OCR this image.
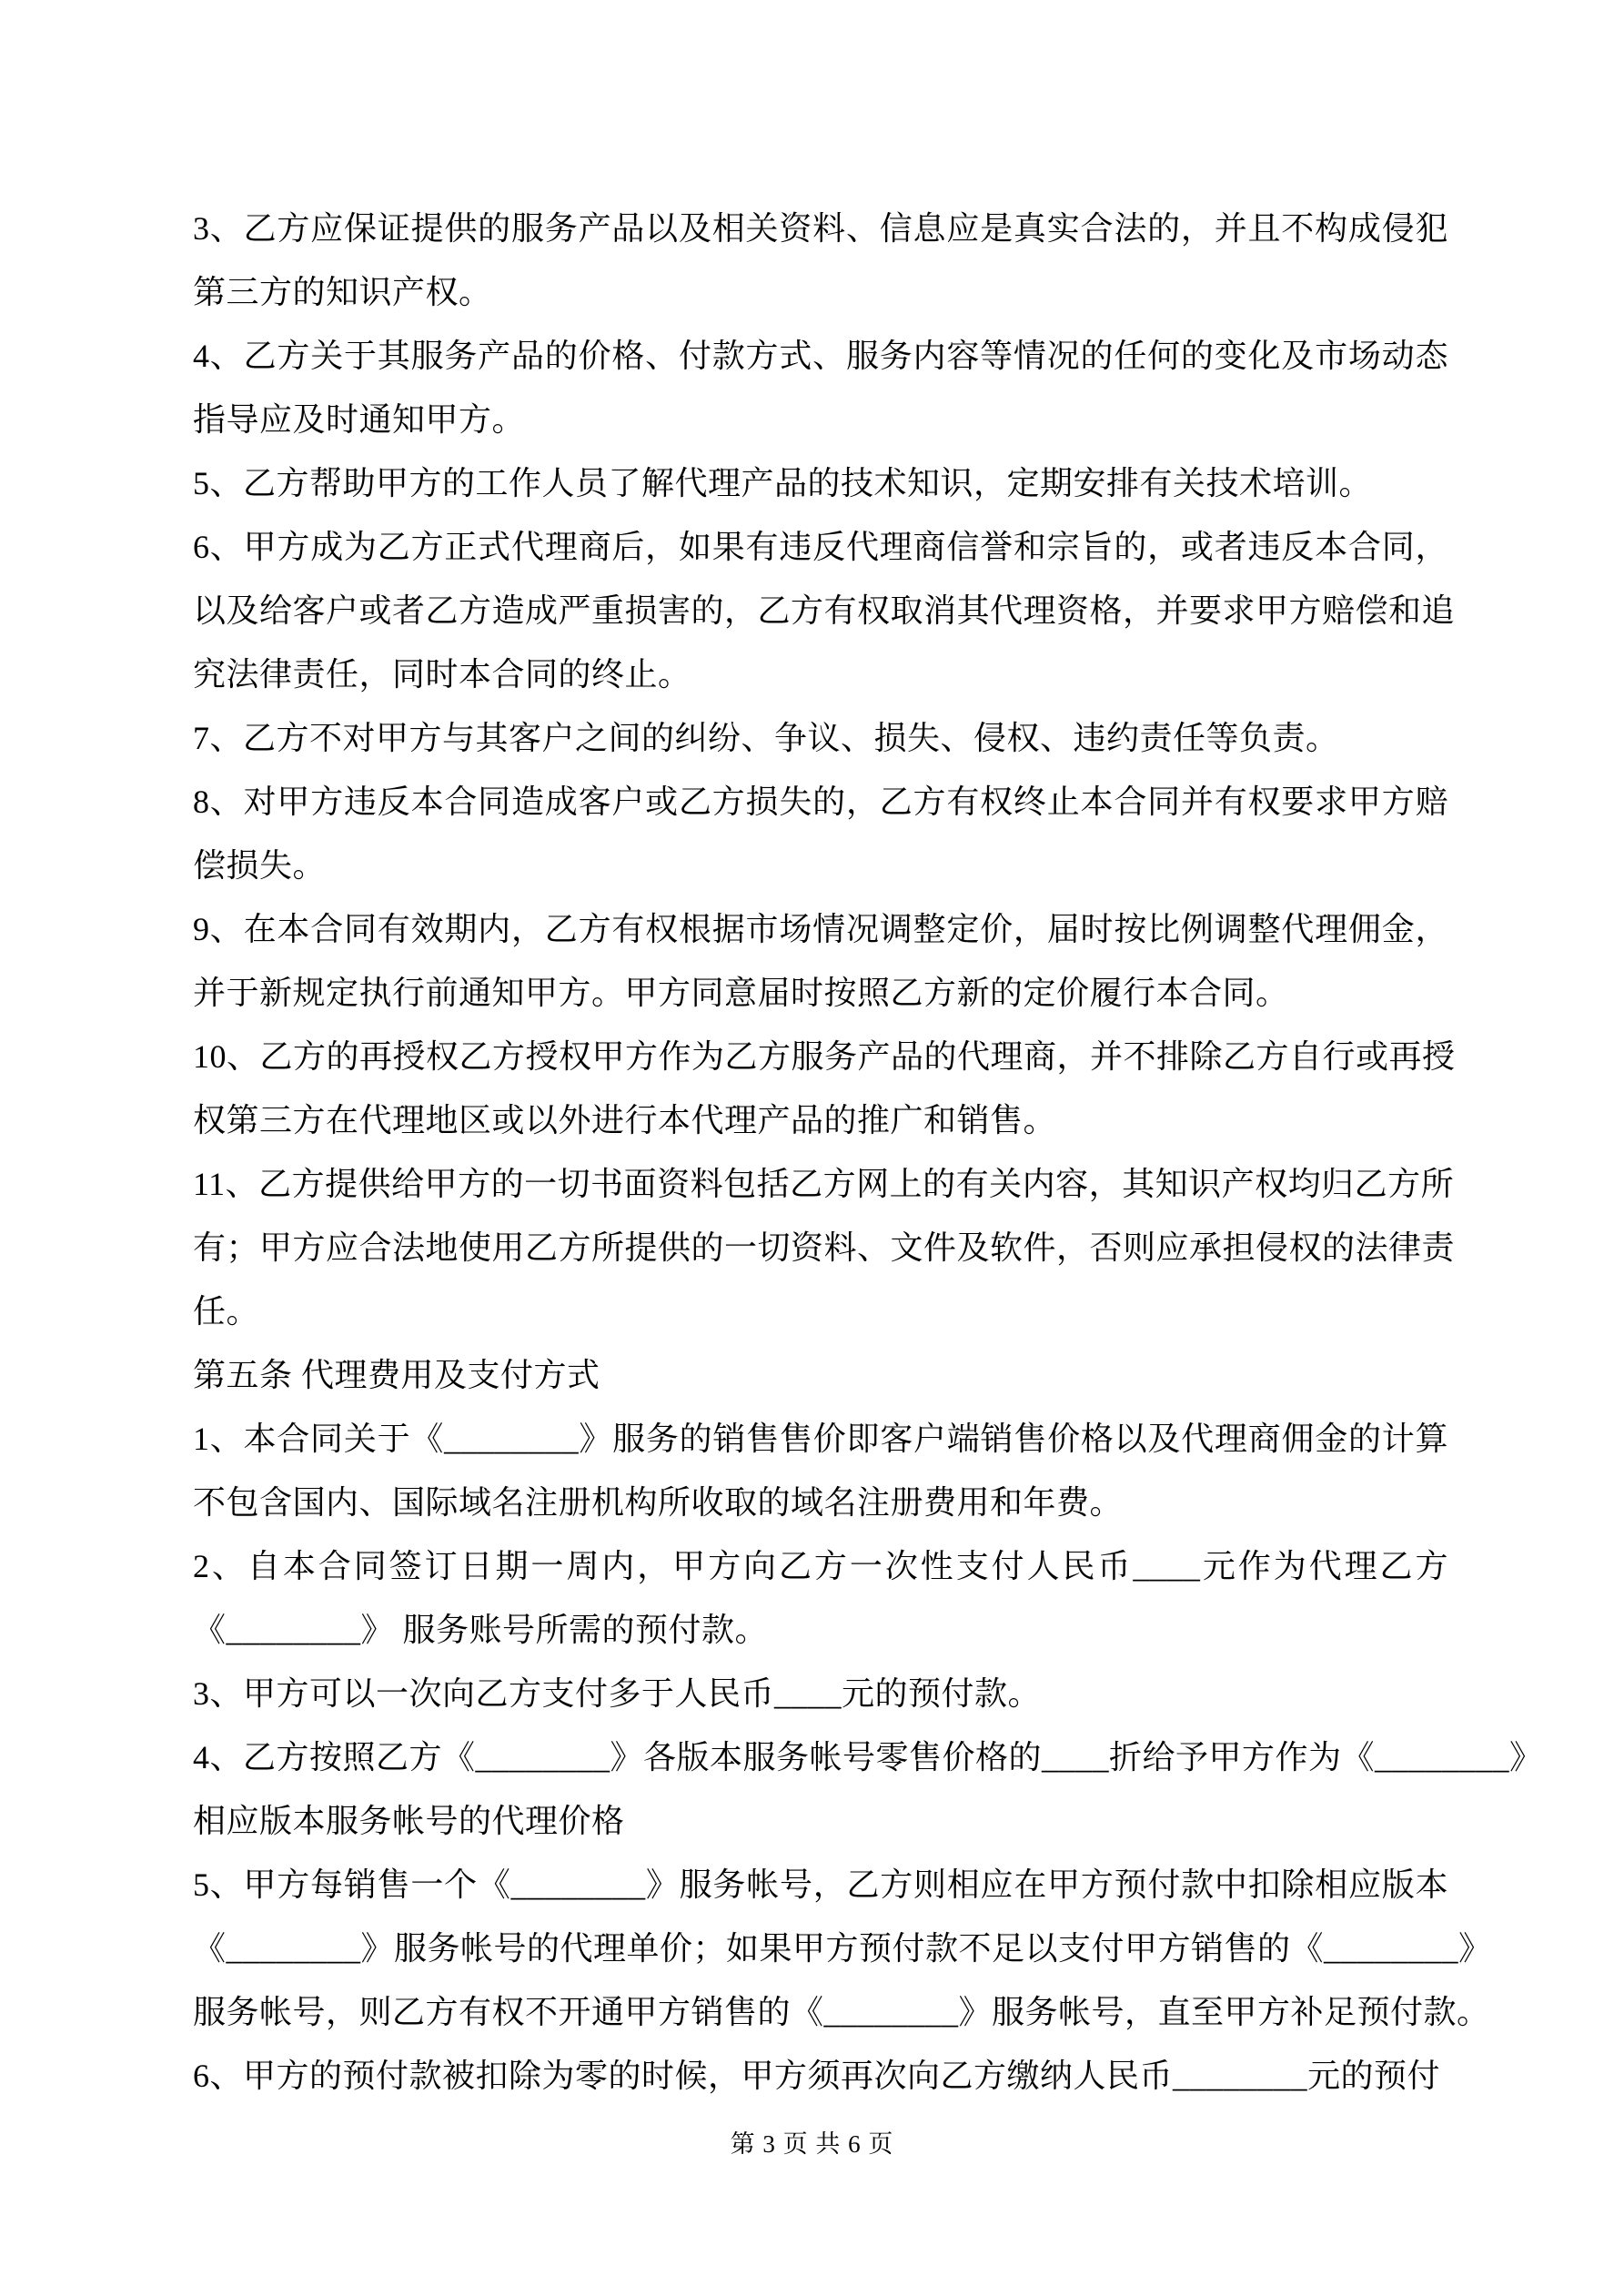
3、乙方应保证提供的服务产品以及相关资料、信息应是真实合法的，并且不构成侵犯
第三方的知识产权。
4、乙方关于其服务产品的价格、付款方式、服务内容等情况的任何的变化及市场动态
指导应及时通知甲方。
5、乙方帮助甲方的工作人员了解代理产品的技术知识，定期安排有关技术培训。
6、甲方成为乙方正式代理商后，如果有违反代理商信誉和宗旨的，或者违反本合同，
以及给客户或者乙方造成严重损害的，乙方有权取消其代理资格，并要求甲方赔偿和追
究法律责任，同时本合同的终止。
7、乙方不对甲方与其客户之间的纠纷、争议、损失、侵权、违约责任等负责。
8、对甲方违反本合同造成客户或乙方损失的，乙方有权终止本合同并有权要求甲方赔
偿损失。
9、在本合同有效期内，乙方有权根据市场情况调整定价，届时按比例调整代理佣金，
并于新规定执行前通知甲方。甲方同意届时按照乙方新的定价履行本合同。
10、乙方的再授权乙方授权甲方作为乙方服务产品的代理商，并不排除乙方自行或再授
权第三方在代理地区或以外进行本代理产品的推广和销售。
11、乙方提供给甲方的一切书面资料包括乙方网上的有关内容，其知识产权均归乙方所
有；甲方应合法地使用乙方所提供的一切资料、文件及软件，否则应承担侵权的法律责
任。
第五条 代理费用及支付方式
1、本合同关于《________》服务的销售售价即客户端销售价格以及代理商佣金的计算
不包含国内、国际域名注册机构所收取的域名注册费用和年费。
2、自本合同签订日期一周内，甲方向乙方一次性支付人民币____元作为代理乙方
《________》 服务账号所需的预付款。
3、甲方可以一次向乙方支付多于人民币____元的预付款。
4、乙方按照乙方《________》各版本服务帐号零售价格的____折给予甲方作为《________》
相应版本服务帐号的代理价格
5、甲方每销售一个《________》服务帐号，乙方则相应在甲方预付款中扣除相应版本
《________》服务帐号的代理单价；如果甲方预付款不足以支付甲方销售的《________》
服务帐号，则乙方有权不开通甲方销售的《________》服务帐号，直至甲方补足预付款。
6、甲方的预付款被扣除为零的时候，甲方须再次向乙方缴纳人民币________元的预付
第 3 页 共 6 页
